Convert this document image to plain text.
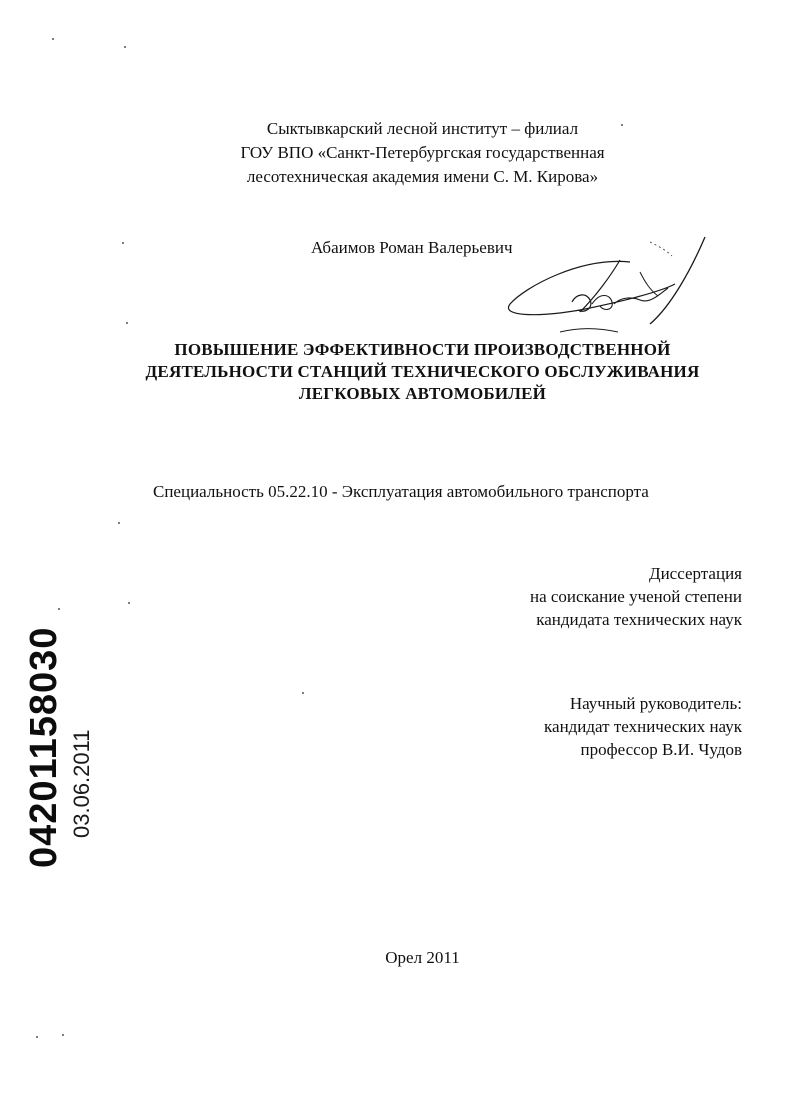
Сыктывкарский лесной институт – филиал
ГОУ ВПО «Санкт-Петербургская государственная
лесотехническая академия имени С. М. Кирова»
Абаимов Роман Валерьевич
ПОВЫШЕНИЕ ЭФФЕКТИВНОСТИ ПРОИЗВОДСТВЕННОЙ
ДЕЯТЕЛЬНОСТИ СТАНЦИЙ ТЕХНИЧЕСКОГО ОБСЛУЖИВАНИЯ
ЛЕГКОВЫХ АВТОМОБИЛЕЙ
Специальность 05.22.10 - Эксплуатация автомобильного транспорта
Диссертация
на соискание ученой степени
кандидата технических наук
Научный руководитель:
кандидат технических наук
профессор В.И. Чудов
04201158030 03.06.2011
Орел 2011
